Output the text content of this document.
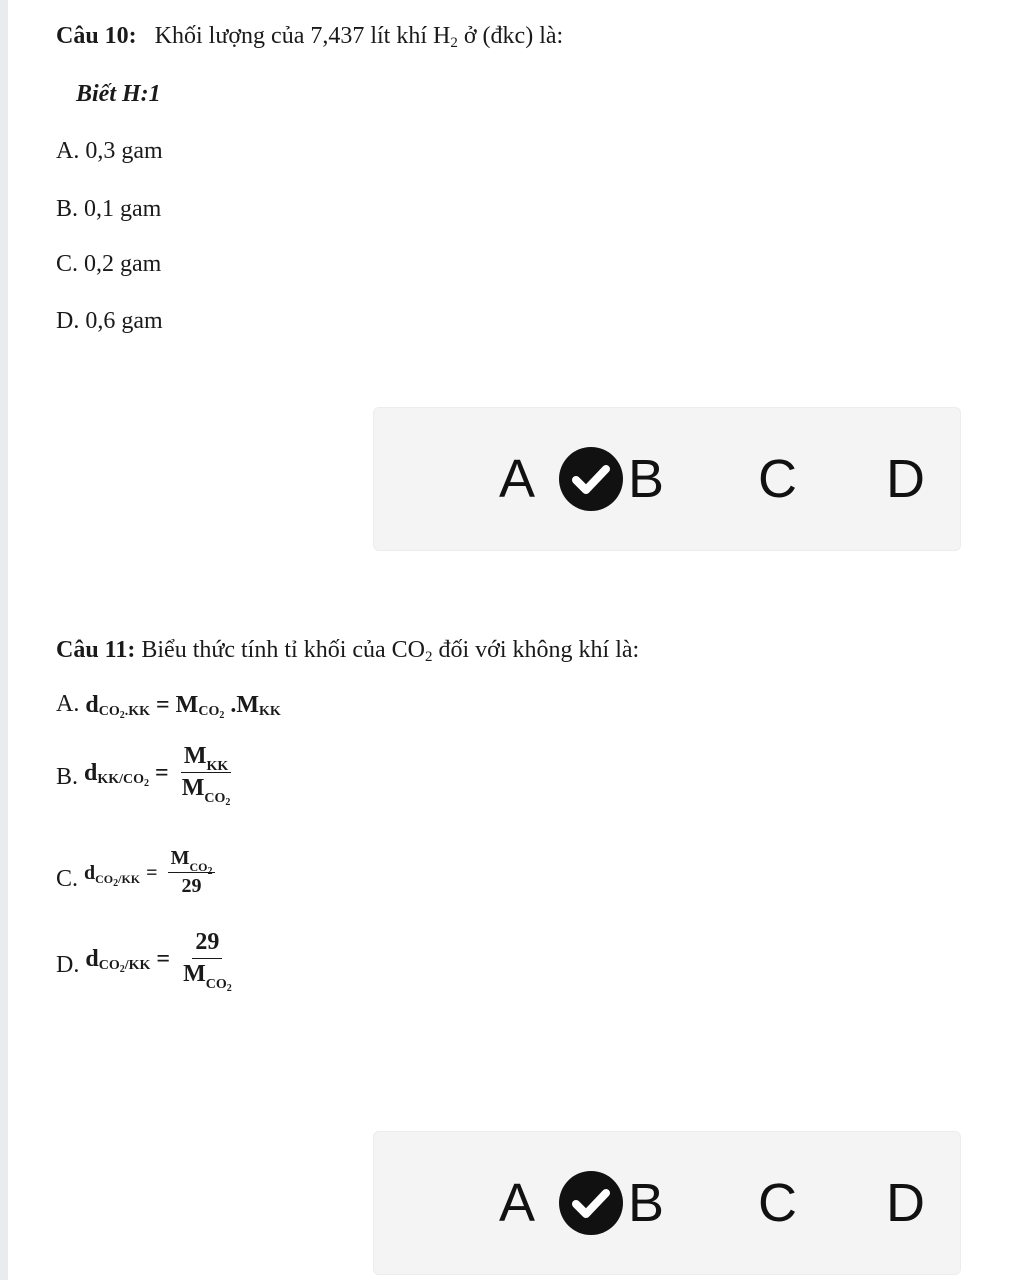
Câu 10: Khối lượng của 7,437 lít khí $H_2$ ở (đkc) là:
Biết H:1
A. 0,3 gam
B. 0,1 gam
C. 0,2 gam
D. 0,6 gam
A B C D
Câu 11: Biểu thức tính tỉ khối của $CO_2$ đối với không khí là:
A. d $CO_2.KK = M$ $CO_2$ .M KK
B. d $KK/CO_2 = \frac{M_{KK}}{M_{CO_2}}$
C. d $CO_2/KK = \frac{M_{CO_2}}{29}$
D. d $CO_2/KK = \frac{29}{M_{CO_2}}$
A B C D
